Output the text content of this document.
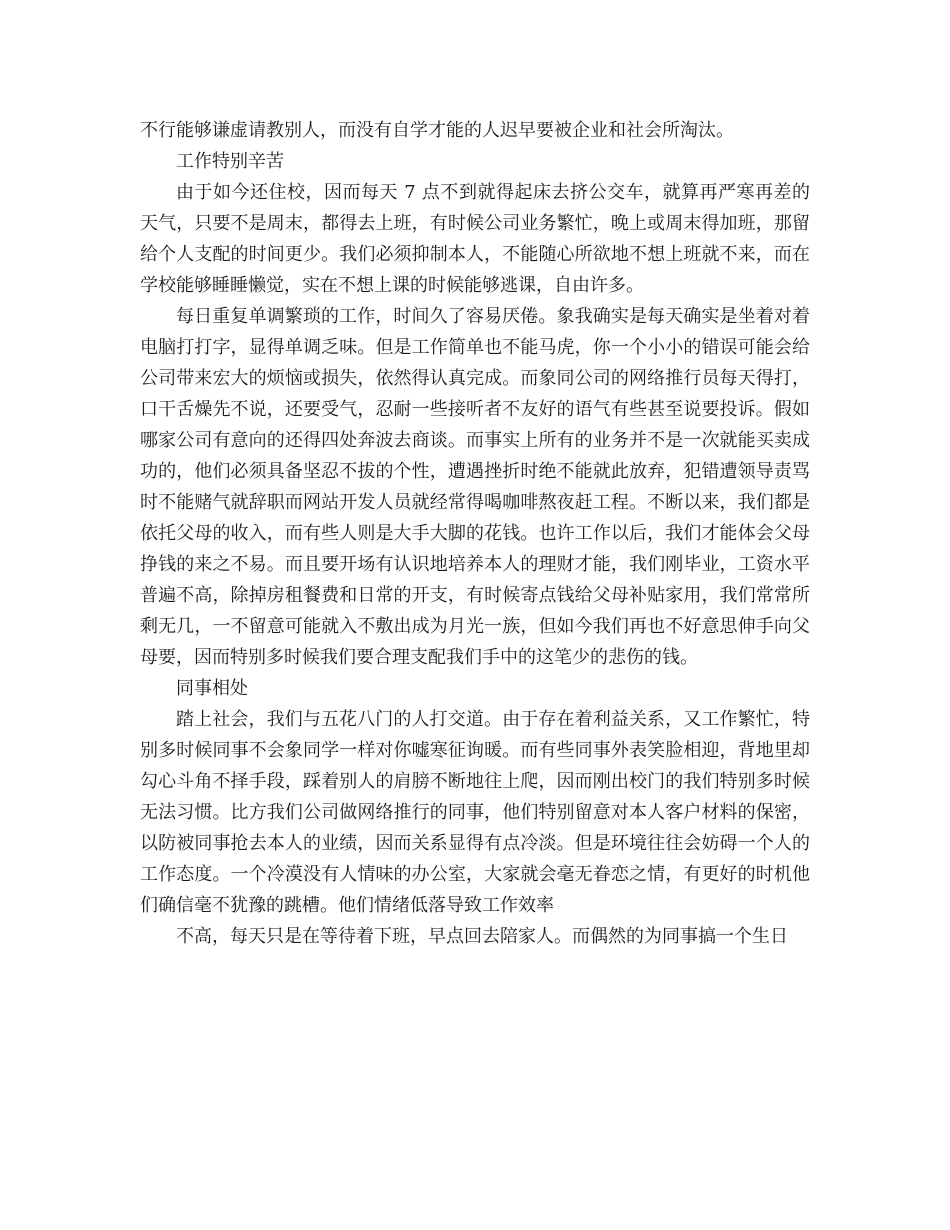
不行能够谦虚请教别人，而没有自学才能的人迟早要被企业和社会所淘汰。

工作特别辛苦

由于如今还住校，因而每天 7 点不到就得起床去挤公交车，就算再严寒再差的天气，只要不是周末，都得去上班，有时候公司业务繁忙，晚上或周末得加班，那留给个人支配的时间更少。我们必须抑制本人，不能随心所欲地不想上班就不来，而在学校能够睡睡懒觉，实在不想上课的时候能够逃课，自由许多。

每日重复单调繁琐的工作，时间久了容易厌倦。象我确实是每天确实是坐着对着电脑打打字，显得单调乏味。但是工作简单也不能马虎，你一个小小的错误可能会给公司带来宏大的烦恼或损失，依然得认真完成。而象同公司的网络推行员每天得打，口干舌燥先不说，还要受气，忍耐一些接听者不友好的语气有些甚至说要投诉。假如哪家公司有意向的还得四处奔波去商谈。而事实上所有的业务并不是一次就能买卖成功的，他们必须具备坚忍不拔的个性，遭遇挫折时绝不能就此放弃，犯错遭领导责骂时不能赌气就辞职而网站开发人员就经常得喝咖啡熬夜赶工程。不断以来，我们都是依托父母的收入，而有些人则是大手大脚的花钱。也许工作以后，我们才能体会父母挣钱的来之不易。而且要开场有认识地培养本人的理财才能，我们刚毕业，工资水平普遍不高，除掉房租餐费和日常的开支，有时候寄点钱给父母补贴家用，我们常常所剩无几，一不留意可能就入不敷出成为月光一族，但如今我们再也不好意思伸手向父母要，因而特别多时候我们要合理支配我们手中的这笔少的悲伤的钱。

同事相处

踏上社会，我们与五花八门的人打交道。由于存在着利益关系，又工作繁忙，特别多时候同事不会象同学一样对你嘘寒征询暖。而有些同事外表笑脸相迎，背地里却勾心斗角不择手段，踩着别人的肩膀不断地往上爬，因而刚出校门的我们特别多时候无法习惯。比方我们公司做网络推行的同事，他们特别留意对本人客户材料的保密，以防被同事抢去本人的业绩，因而关系显得有点冷淡。但是环境往往会妨碍一个人的工作态度。一个冷漠没有人情味的办公室，大家就会毫无眷恋之情，有更好的时机他们确信毫不犹豫的跳槽。他们情绪低落导致工作效率

不高，每天只是在等待着下班，早点回去陪家人。而偶然的为同事搞一个生日
